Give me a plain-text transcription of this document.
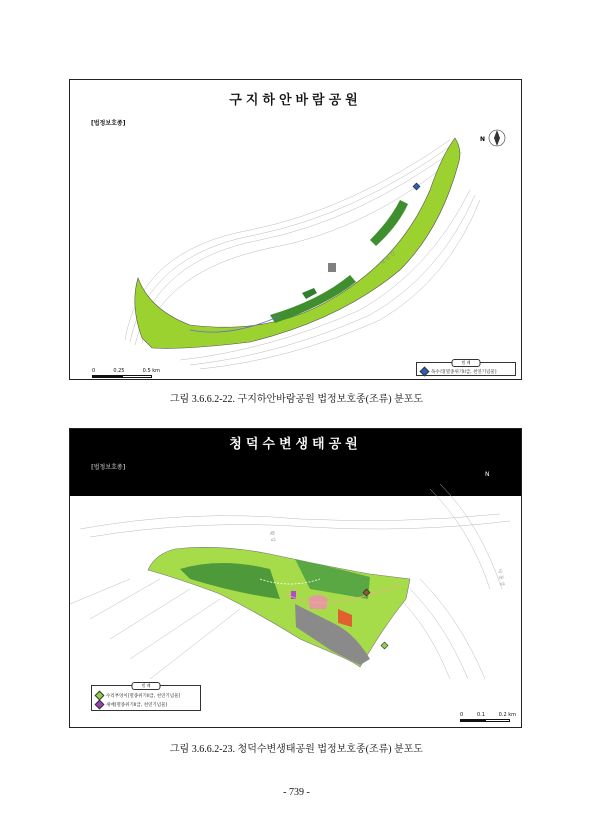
N
낙 동 강
구지하안바람공원
[법정보호종]
범 례
독수리[멸종위기II급, 천연기념물]
0	0.25	0.5 km
그림 3.6.6.2-22. 구지하안바람공원 법정보호종(조류) 분포도
N
황 강
낙 동 강
청덕수변생태공원
[법정보호종]
범 례
수리부엉이[멸종위기II급, 천연기념물]
새매[멸종위기II급, 천연기념물]
0	0.1	0.2 km
그림 3.6.6.2-23. 청덕수변생태공원 법정보호종(조류) 분포도
- 739 -
